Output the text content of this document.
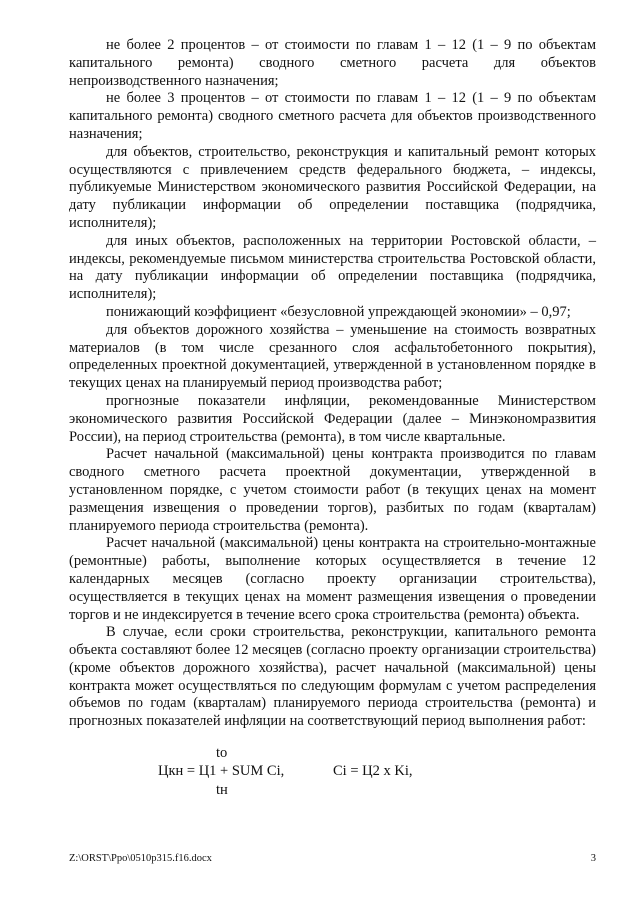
не более 2 процентов – от стоимости по главам 1 – 12 (1 – 9 по объектам капитального ремонта) сводного сметного расчета для объектов непроизводственного назначения;

не более 3 процентов – от стоимости по главам 1 – 12 (1 – 9 по объектам капитального ремонта) сводного сметного расчета для объектов производственного назначения;

для объектов, строительство, реконструкция и капитальный ремонт которых осуществляются с привлечением средств федерального бюджета, – индексы, публикуемые Министерством экономического развития Российской Федерации, на дату публикации информации об определении поставщика (подрядчика, исполнителя);

для иных объектов, расположенных на территории Ростовской области, – индексы, рекомендуемые письмом министерства строительства Ростовской области, на дату публикации информации об определении поставщика (подрядчика, исполнителя);

понижающий коэффициент «безусловной упреждающей экономии» – 0,97;

для объектов дорожного хозяйства – уменьшение на стоимость возвратных материалов (в том числе срезанного слоя асфальтобетонного покрытия), определенных проектной документацией, утвержденной в установленном порядке в текущих ценах на планируемый период производства работ;

прогнозные показатели инфляции, рекомендованные Министерством экономического развития Российской Федерации (далее – Минэкономразвития России), на период строительства (ремонта), в том числе квартальные.

Расчет начальной (максимальной) цены контракта производится по главам сводного сметного расчета проектной документации, утвержденной в установленном порядке, с учетом стоимости работ (в текущих ценах на момент размещения извещения о проведении торгов), разбитых по годам (кварталам) планируемого периода строительства (ремонта).

Расчет начальной (максимальной) цены контракта на строительно-монтажные (ремонтные) работы, выполнение которых осуществляется в течение 12 календарных месяцев (согласно проекту организации строительства), осуществляется в текущих ценах на момент размещения извещения о проведении торгов и не индексируется в течение всего срока строительства (ремонта) объекта.

В случае, если сроки строительства, реконструкции, капитального ремонта объекта составляют более 12 месяцев (согласно проекту организации строительства) (кроме объектов дорожного хозяйства), расчет начальной (максимальной) цены контракта может осуществляться по следующим формулам с учетом распределения объемов по годам (кварталам) планируемого периода строительства (ремонта) и прогнозных показателей инфляции на соответствующий период выполнения работ:

to
Цкн = Ц1 + SUM Ci,
tн
Ci = Ц2 x Ki,
Z:\ORST\Ppo\0510p315.f16.docx	3
